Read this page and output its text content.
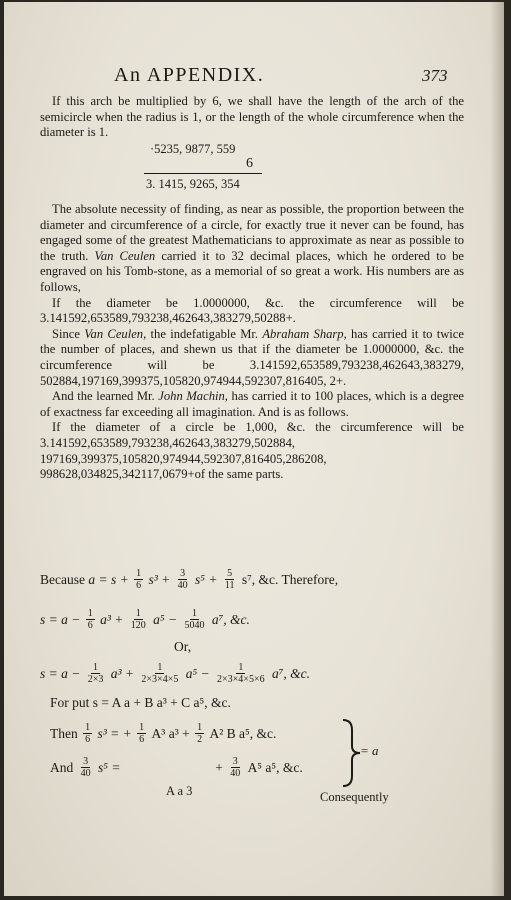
An APPENDIX.	373

If this arch be multiplied by 6, we shall have the length of the arch of the semicircle when the radius is 1, or the length of the whole circumference when the diameter is 1.

·5235, 9877, 559
6
3. 1415, 9265, 354

The absolute necessity of finding, as near as possible, the proportion between the diameter and circumference of a circle, for exactly true it never can be found, has engaged some of the greatest Mathematicians to approximate as near as possible to the truth. Van Ceulen carried it to 32 decimal places, which he ordered to be engraved on his Tomb-stone, as a memorial of so great a work. His numbers are as follows,

If the diameter be 1.0000000, &c. the circumference will be 3.141592,653589,793238,462643,383279,50288+.

Since Van Ceulen, the indefatigable Mr. Abraham Sharp, has carried it to twice the number of places, and shewn us that if the diameter be 1.0000000, &c. the circumference will be 3.141592,653589,793238,462643,383279, 502884,197169,399375,105820,974944,592307,816405, 2+.

And the learned Mr. John Machin, has carried it to 100 places, which is a degree of exactness far exceeding all imagination. And is as follows.

If the diameter of a circle be 1,000, &c. the circumference will be 3.141592,653589,793238,462643,383279,502884, 197169,399375,105820,974944,592307,816405,286208, 998628,034825,342117,0679+of the same parts.

Because $a = s + \frac{1}{6} s^3 + \frac{3}{40} s^5 + \frac{5}{11} s^7$, &c. Therefore,
$s = a - \frac{1}{6} a^3 + \frac{1}{120} a^5 - \frac{1}{5040} a^7$, &c.
Or,
$s = a - \frac{1}{2\times 3} a^3 + \frac{1}{2\times 3\times 4\times 5} a^5 - \frac{1}{2\times 3\times 4\times 5\times 6} a^7$, &c.
For put s = A a + B a³ + C a⁵, &c.
Then $\frac{1}{6} s^3$ = + $\frac{1}{6} A^3$ $a^3 + \frac{1}{2} A^2$ B a⁵, &c.
And $\frac{3}{40} s^5$ =	+ $\frac{3}{40} A^5$ a⁵, &c.
= a
A a 3	Consequently
